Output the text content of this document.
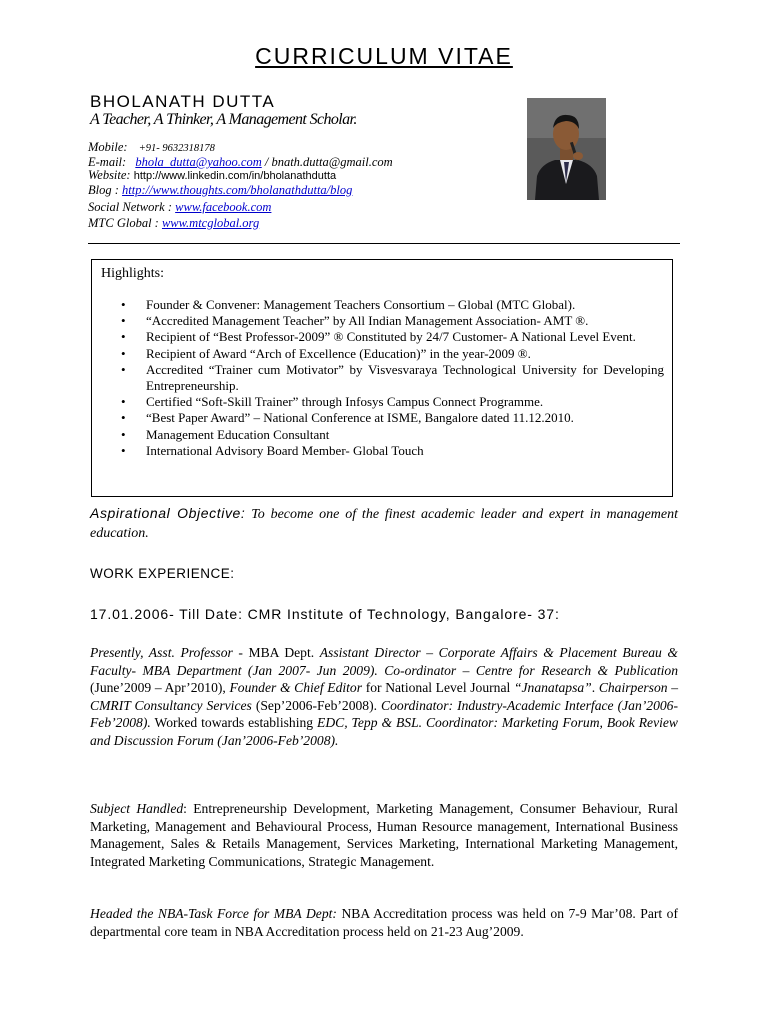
CURRICULUM VITAE
BHOLANATH DUTTA
A Teacher, A Thinker, A Management Scholar.
Mobile: +91- 9632318178
E-mail: bhola_dutta@yahoo.com / bnath.dutta@gmail.com
Website: http://www.linkedin.com/in/bholanathdutta
Blog : http://www.thoughts.com/bholanathdutta/blog
Social Network : www.facebook.com
MTC Global : www.mtcglobal.org
Highlights:
• Founder & Convener: Management Teachers Consortium – Global (MTC Global).
• “Accredited Management Teacher” by All Indian Management Association- AMT ®.
• Recipient of “Best Professor-2009” ® Constituted by 24/7 Customer- A National Level Event.
• Recipient of Award “Arch of Excellence (Education)” in the year-2009 ®.
• Accredited “Trainer cum Motivator” by Visvesvaraya Technological University for Developing Entrepreneurship.
• Certified “Soft-Skill Trainer” through Infosys Campus Connect Programme.
• “Best Paper Award” – National Conference at ISME, Bangalore dated 11.12.2010.
• Management Education Consultant
• International Advisory Board Member- Global Touch
Aspirational Objective: To become one of the finest academic leader and expert in management education.
WORK EXPERIENCE:
17.01.2006- Till Date: CMR Institute of Technology, Bangalore- 37:
Presently, Asst. Professor - MBA Dept. Assistant Director – Corporate Affairs & Placement Bureau & Faculty- MBA Department (Jan 2007- Jun 2009). Co-ordinator – Centre for Research & Publication (June’2009 – Apr’2010), Founder & Chief Editor for National Level Journal “Jnanatapsa”. Chairperson – CMRIT Consultancy Services (Sep’2006-Feb’2008). Coordinator: Industry-Academic Interface (Jan’2006-Feb’2008). Worked towards establishing EDC, Tepp & BSL. Coordinator: Marketing Forum, Book Review and Discussion Forum (Jan’2006-Feb’2008).
Subject Handled: Entrepreneurship Development, Marketing Management, Consumer Behaviour, Rural Marketing, Management and Behavioural Process, Human Resource management, International Business Management, Sales & Retails Management, Services Marketing, International Marketing Management, Integrated Marketing Communications, Strategic Management.
Headed the NBA-Task Force for MBA Dept: NBA Accreditation process was held on 7-9 Mar’08. Part of departmental core team in NBA Accreditation process held on 21-23 Aug’2009.
